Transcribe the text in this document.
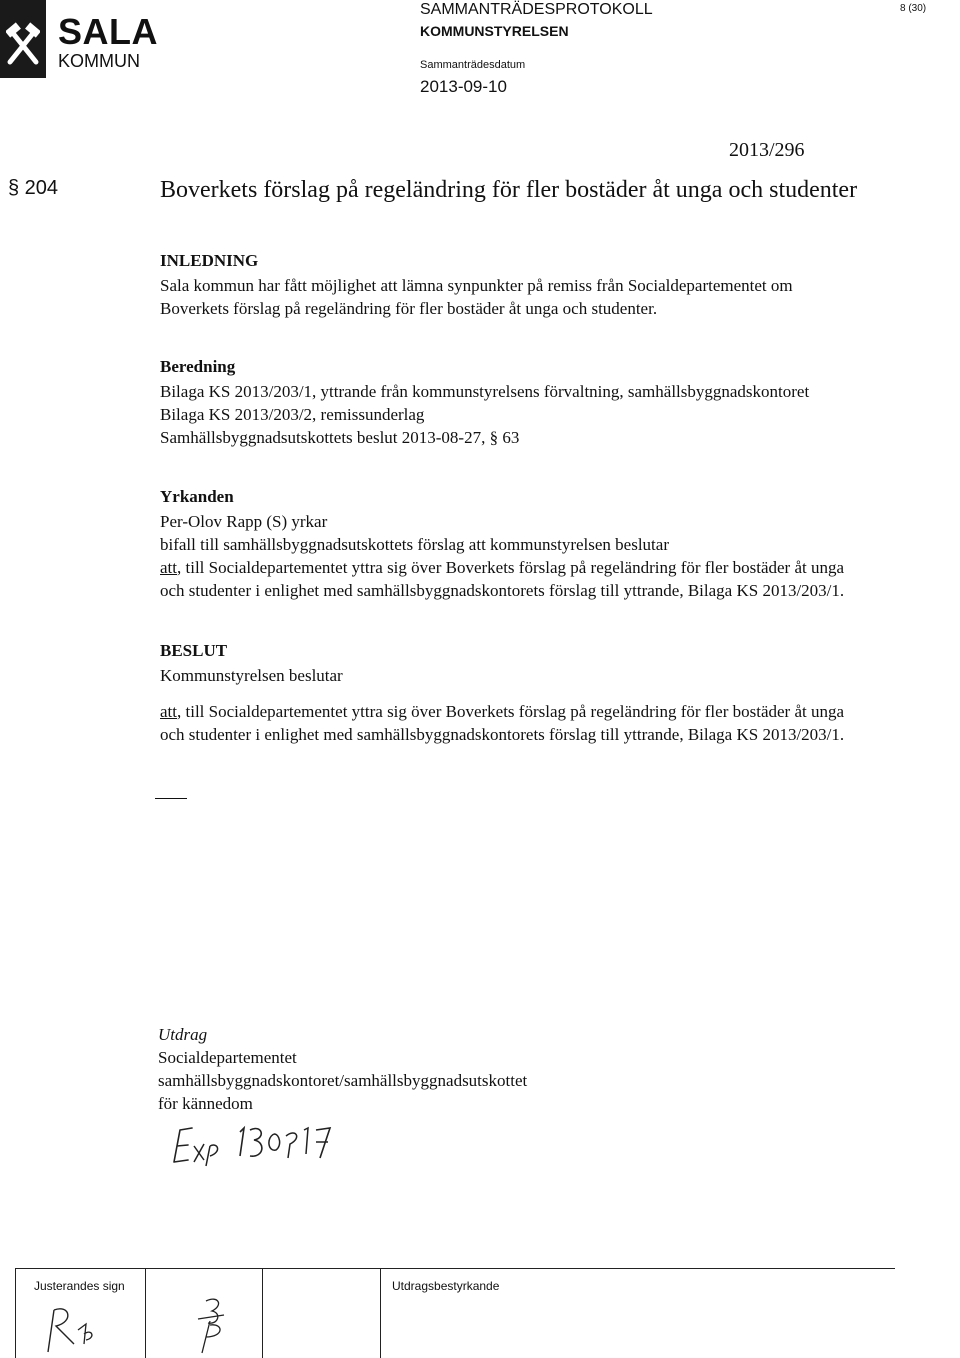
SALA
KOMMUN
SAMMANTRÄDESPROTOKOLL
KOMMUNSTYRELSEN
Sammanträdesdatum
2013-09-10
8 (30)
2013/296
§ 204	Boverkets förslag på regeländring för fler bostäder åt unga och studenter
INLEDNING

Sala kommun har fått möjlighet att lämna synpunkter på remiss från Socialdepartementet om Boverkets förslag på regeländring för fler bostäder åt unga och studenter.

Beredning
Bilaga KS 2013/203/1, yttrande från kommunstyrelsens förvaltning, samhällsbyggnadskontoret
Bilaga KS 2013/203/2, remissunderlag
Samhällsbyggnadsutskottets beslut 2013-08-27, § 63
Yrkanden
Per-Olov Rapp (S) yrkar
bifall till samhällsbyggnadsutskottets förslag att kommunstyrelsen beslutar
att, till Socialdepartementet yttra sig över Boverkets förslag på regeländring för fler bostäder åt unga och studenter i enlighet med samhällsbyggnadskontorets förslag till yttrande, Bilaga KS 2013/203/1.
BESLUT
Kommunstyrelsen beslutar
att, till Socialdepartementet yttra sig över Boverkets förslag på regeländring för fler bostäder åt unga och studenter i enlighet med samhällsbyggnadskontorets förslag till yttrande, Bilaga KS 2013/203/1.
Utdrag
Socialdepartementet
samhällsbyggnadskontoret/samhällsbyggnadsutskottet
för kännedom
Justerandes sign	Utdragsbestyrkande
